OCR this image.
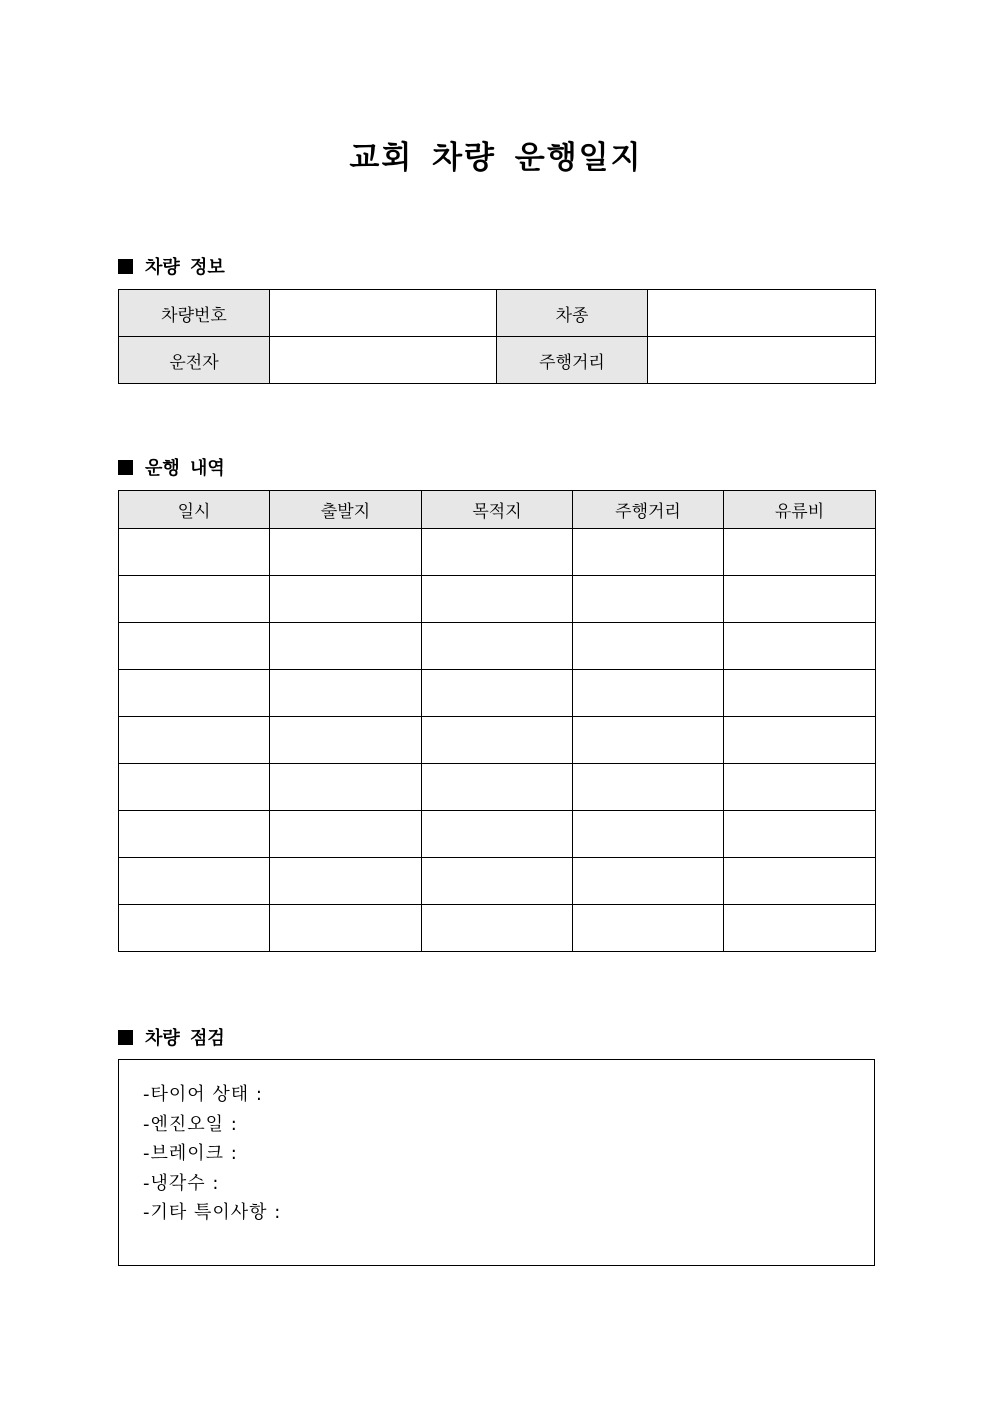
교회 차량 운행일지
차량 정보
차량번호		차종	
운전자		주행거리	
운행 내역
일시	출발지	목적지	주행거리	유류비

차량 점검
-타이어 상태 :
-엔진오일 :
-브레이크 :
-냉각수 :
-기타 특이사항 :
